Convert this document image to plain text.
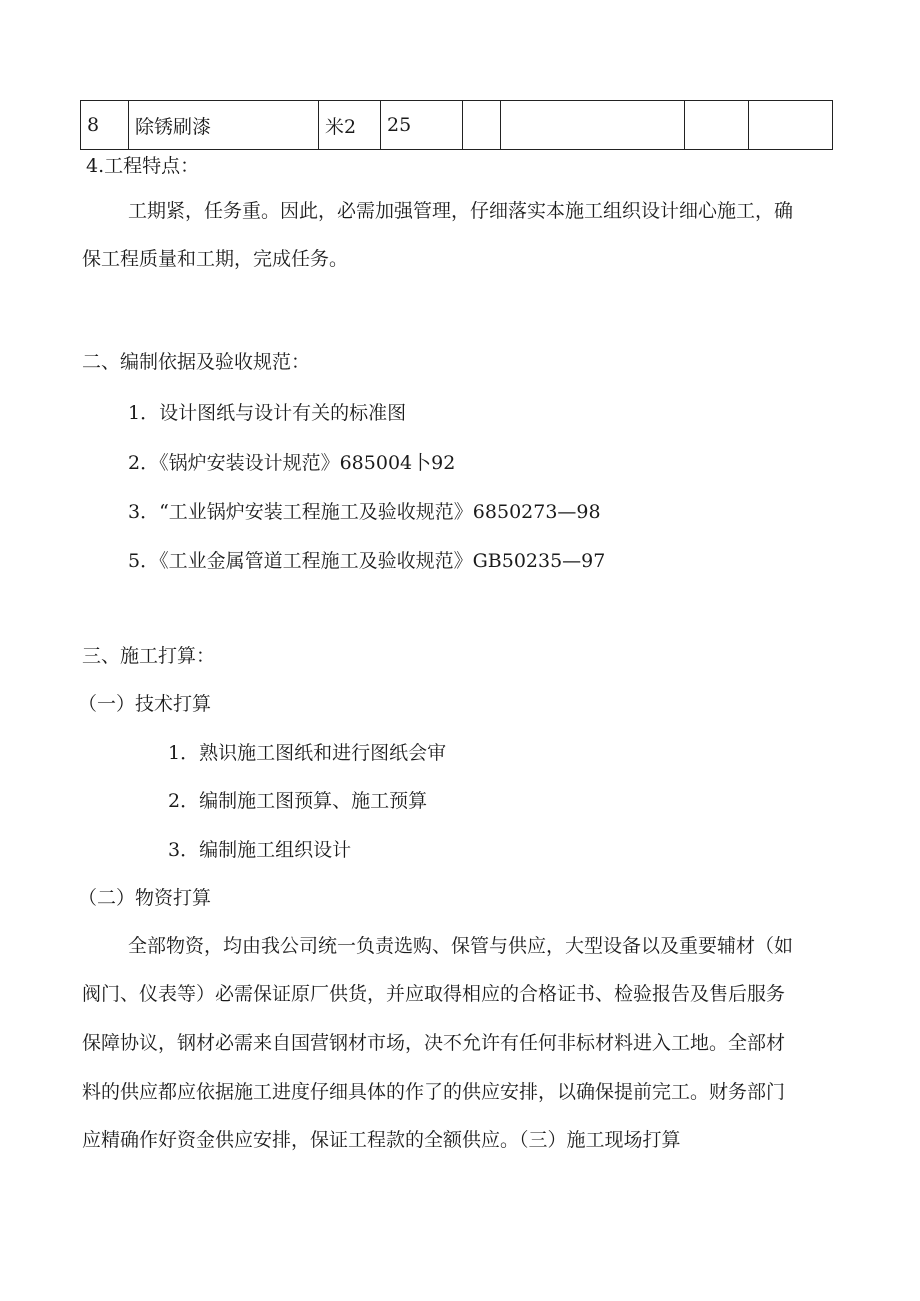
8	除锈刷漆	米2	25					
4.工程特点：
工期紧，任务重。因此，必需加强管理，仔细落实本施工组织设计细心施工，确
保工程质量和工期，完成任务。
二、编制依据及验收规范：
1．设计图纸与设计有关的标准图
2．《锅炉安装设计规范》685004卜92
3．“工业锅炉安装工程施工及验收规范》6850273—98
5．《工业金属管道工程施工及验收规范》GB50235—97
三、施工打算：
（一）技术打算
1．熟识施工图纸和进行图纸会审
2．编制施工图预算、施工预算
3．编制施工组织设计
（二）物资打算
全部物资，均由我公司统一负责选购、保管与供应，大型设备以及重要辅材（如
阀门、仪表等）必需保证原厂供货，并应取得相应的合格证书、检验报告及售后服务
保障协议，钢材必需来自国营钢材市场，决不允许有任何非标材料进入工地。全部材
料的供应都应依据施工进度仔细具体的作了的供应安排，以确保提前完工。财务部门
应精确作好资金供应安排，保证工程款的全额供应。（三）施工现场打算
